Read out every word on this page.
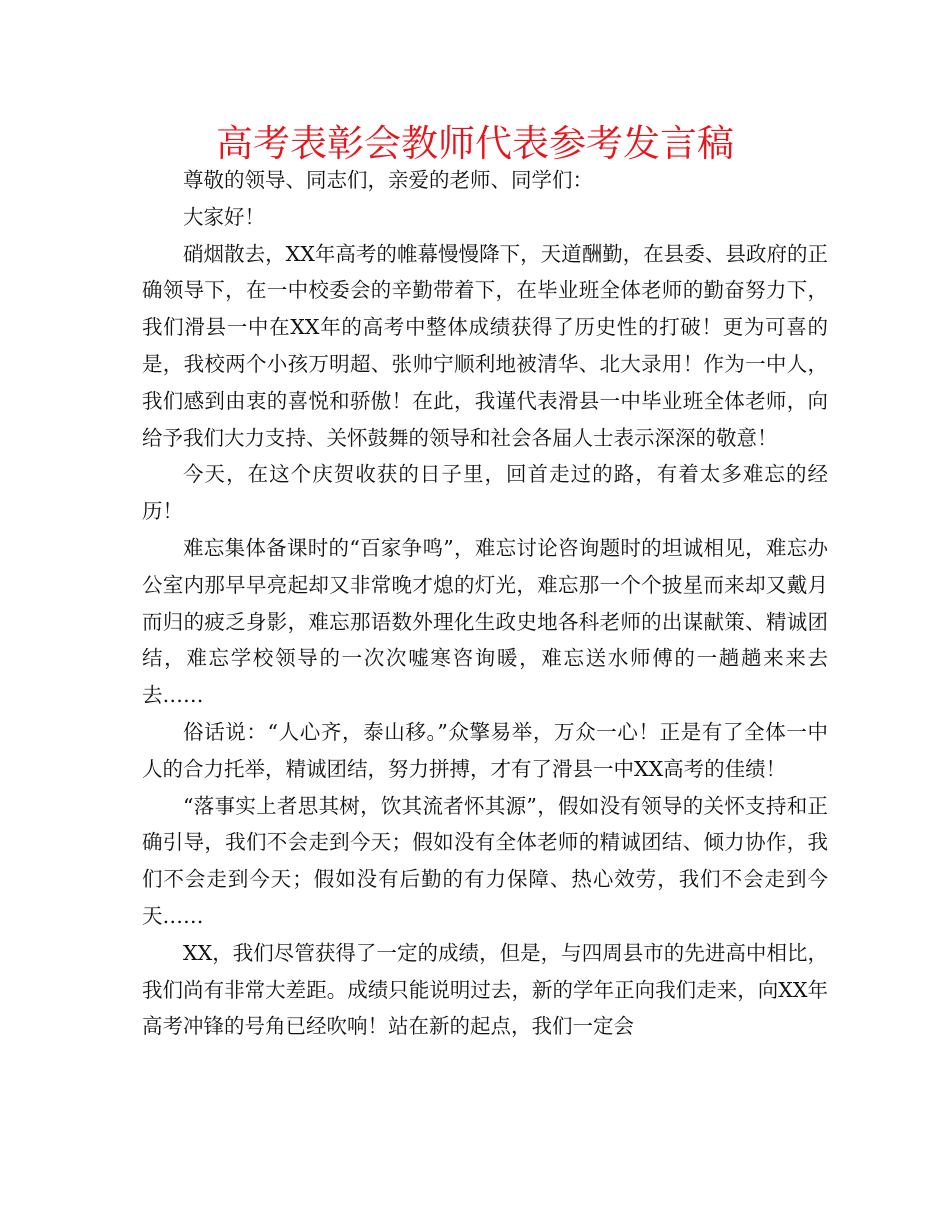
高考表彰会教师代表参考发言稿

尊敬的领导、同志们，亲爱的老师、同学们：

大家好！

硝烟散去，XX年高考的帷幕慢慢降下，天道酬勤，在县委、县政府的正确领导下，在一中校委会的辛勤带着下，在毕业班全体老师的勤奋努力下，我们滑县一中在XX年的高考中整体成绩获得了历史性的打破！更为可喜的是，我校两个小孩万明超、张帅宁顺利地被清华、北大录用！作为一中人，我们感到由衷的喜悦和骄傲！在此，我谨代表滑县一中毕业班全体老师，向给予我们大力支持、关怀鼓舞的领导和社会各届人士表示深深的敬意！

今天，在这个庆贺收获的日子里，回首走过的路，有着太多难忘的经历！

难忘集体备课时的“百家争鸣”，难忘讨论咨询题时的坦诚相见，难忘办公室内那早早亮起却又非常晚才熄的灯光，难忘那一个个披星而来却又戴月而归的疲乏身影，难忘那语数外理化生政史地各科老师的出谋献策、精诚团结，难忘学校领导的一次次嘘寒咨询暖，难忘送水师傅的一趟趟来来去去……

俗话说：“人心齐，泰山移。”众擎易举，万众一心！正是有了全体一中人的合力托举，精诚团结，努力拼搏，才有了滑县一中XX高考的佳绩！

“落事实上者思其树，饮其流者怀其源”，假如没有领导的关怀支持和正确引导，我们不会走到今天；假如没有全体老师的精诚团结、倾力协作，我们不会走到今天；假如没有后勤的有力保障、热心效劳，我们不会走到今天……

XX，我们尽管获得了一定的成绩，但是，与四周县市的先进高中相比，我们尚有非常大差距。成绩只能说明过去，新的学年正向我们走来，向XX年高考冲锋的号角已经吹响！站在新的起点，我们一定会
